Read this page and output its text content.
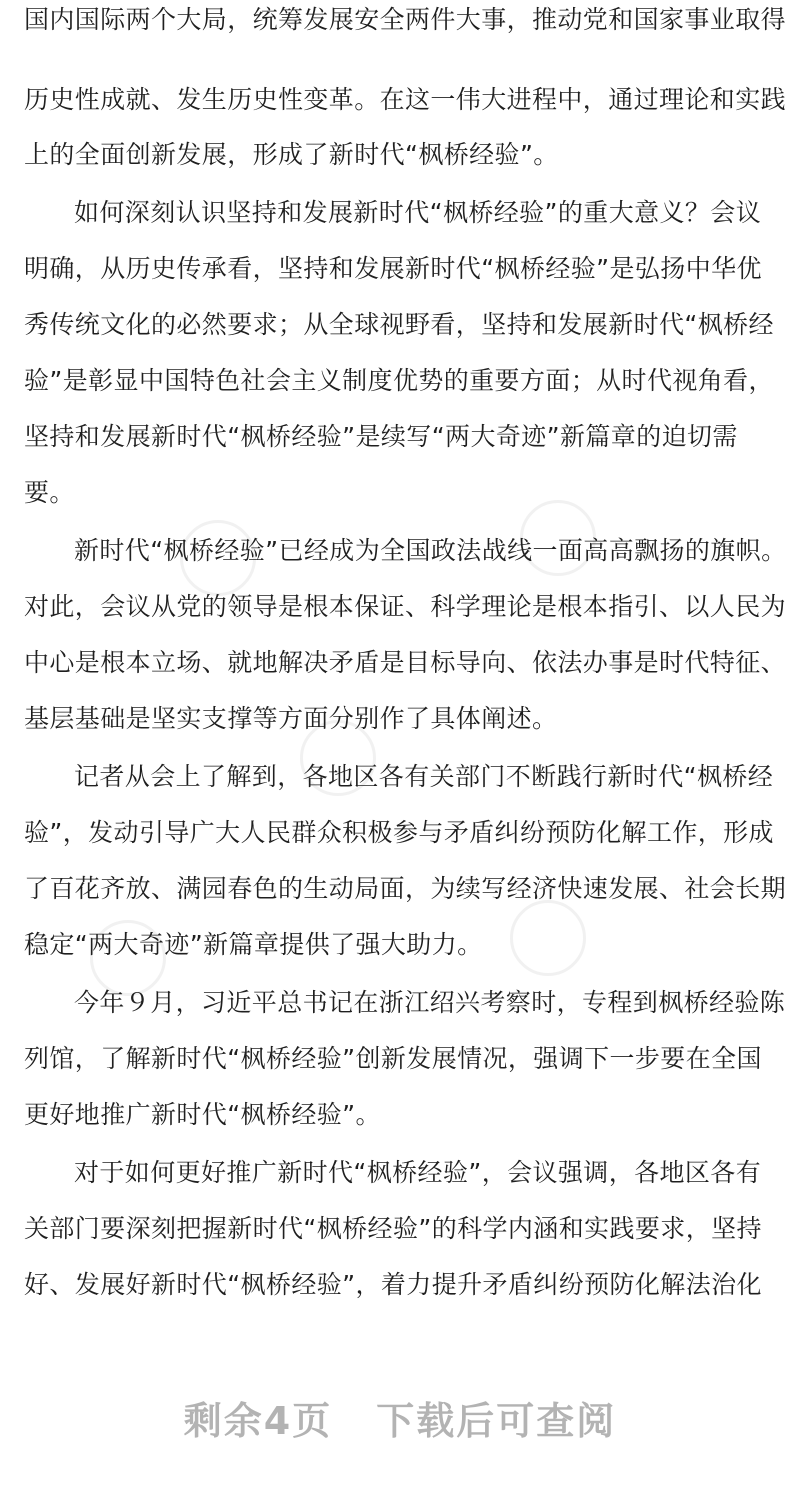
国内国际两个大局，统筹发展安全两件大事，推动党和国家事业取得
历史性成就、发生历史性变革。在这一伟大进程中，通过理论和实践
上的全面创新发展，形成了新时代“枫桥经验”。
如何深刻认识坚持和发展新时代“枫桥经验”的重大意义？会议
明确，从历史传承看，坚持和发展新时代“枫桥经验”是弘扬中华优
秀传统文化的必然要求；从全球视野看，坚持和发展新时代“枫桥经
验”是彰显中国特色社会主义制度优势的重要方面；从时代视角看，
坚持和发展新时代“枫桥经验”是续写“两大奇迹”新篇章的迫切需
要。
新时代“枫桥经验”已经成为全国政法战线一面高高飘扬的旗帜。
对此，会议从党的领导是根本保证、科学理论是根本指引、以人民为
中心是根本立场、就地解决矛盾是目标导向、依法办事是时代特征、
基层基础是坚实支撑等方面分别作了具体阐述。
记者从会上了解到，各地区各有关部门不断践行新时代“枫桥经
验”，发动引导广大人民群众积极参与矛盾纠纷预防化解工作，形成
了百花齐放、满园春色的生动局面，为续写经济快速发展、社会长期
稳定“两大奇迹”新篇章提供了强大助力。
今年９月，习近平总书记在浙江绍兴考察时，专程到枫桥经验陈
列馆，了解新时代“枫桥经验”创新发展情况，强调下一步要在全国
更好地推广新时代“枫桥经验”。
对于如何更好推广新时代“枫桥经验”，会议强调，各地区各有
关部门要深刻把握新时代“枫桥经验”的科学内涵和实践要求，坚持
好、发展好新时代“枫桥经验”，着力提升矛盾纠纷预防化解法治化
剩余4页 下载后可查阅
